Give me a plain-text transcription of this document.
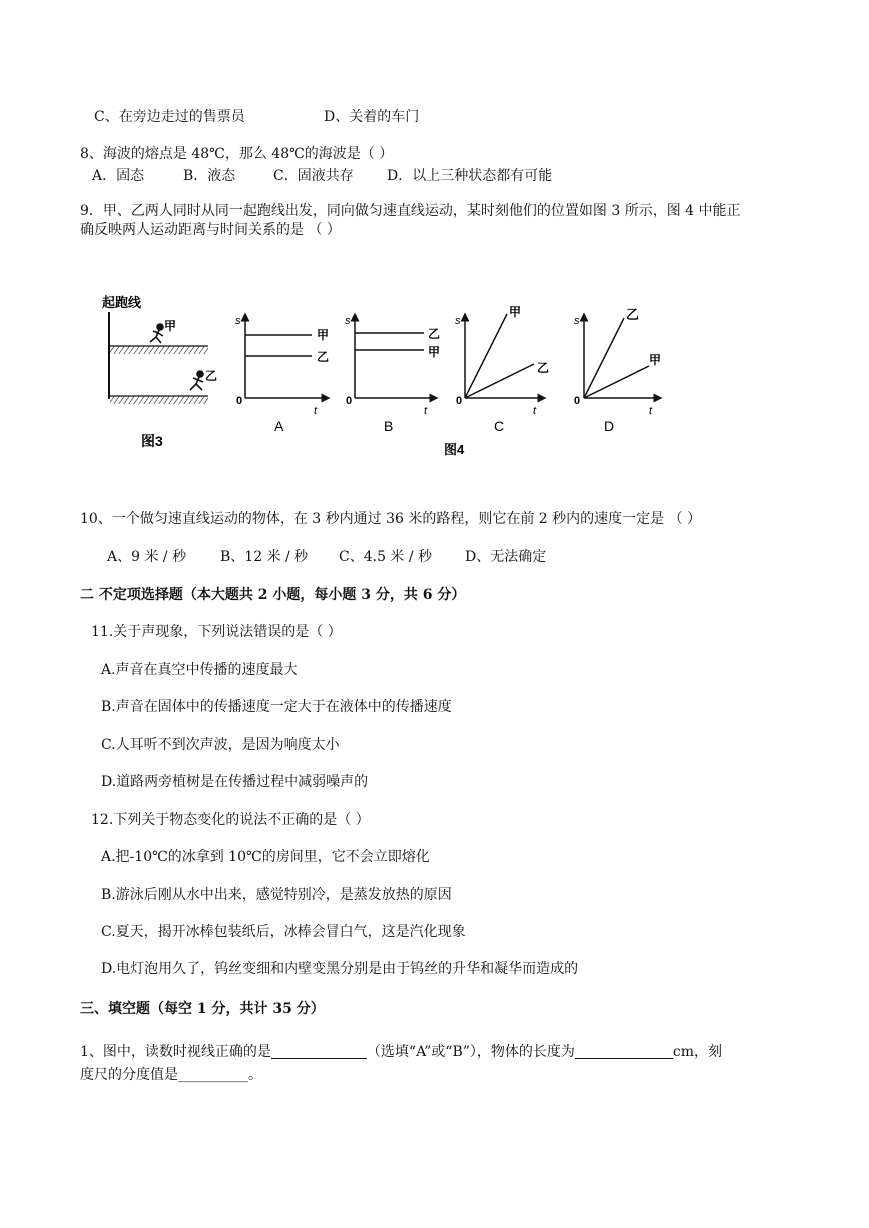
C、在旁边走过的售票员	D、关着的车门
8、海波的熔点是 48℃，那么 48℃的海波是（ ）
A．固态	B．液态	C．固液共存 D．以上三种状态都有可能
9．甲、乙两人同时从同一起跑线出发，同向做匀速直线运动，某时刻他们的位置如图 3 所示，图 4 中能正
确反映两人运动距离与时间关系的是 （ ）
起跑线
甲
乙
图3
s
t
0
甲
乙
A
s
t
0
乙
甲
B
s
t
0
甲
乙
C
s
t
0
乙
甲
D
图4
10、一个做匀速直线运动的物体，在 3 秒内通过 36 米的路程，则它在前 2 秒内的速度一定是 （ ）
A、9 米 / 秒 B、12 米 / 秒 C、4.5 米 / 秒 D、无法确定
二 不定项选择题（本大题共 2 小题，每小题 3 分，共 6 分）
11.关于声现象，下列说法错误的是（ ）
A.声音在真空中传播的速度最大
B.声音在固体中的传播速度一定大于在液体中的传播速度
C.人耳听不到次声波，是因为响度太小
D.道路两旁植树是在传播过程中减弱噪声的
12.下列关于物态变化的说法不正确的是（ ）
A.把-10℃的冰拿到 10℃的房间里，它不会立即熔化
B.游泳后刚从水中出来，感觉特别冷，是蒸发放热的原因
C.夏天，揭开冰棒包装纸后，冰棒会冒白气，这是汽化现象
D.电灯泡用久了，钨丝变细和内壁变黑分别是由于钨丝的升华和凝华而造成的
三、填空题（每空 1 分，共计 35 分）
1、图中，读数时视线正确的是	（选填“A”或“B”），物体的长度为	cm，刻
度尺的分度值是__________。
